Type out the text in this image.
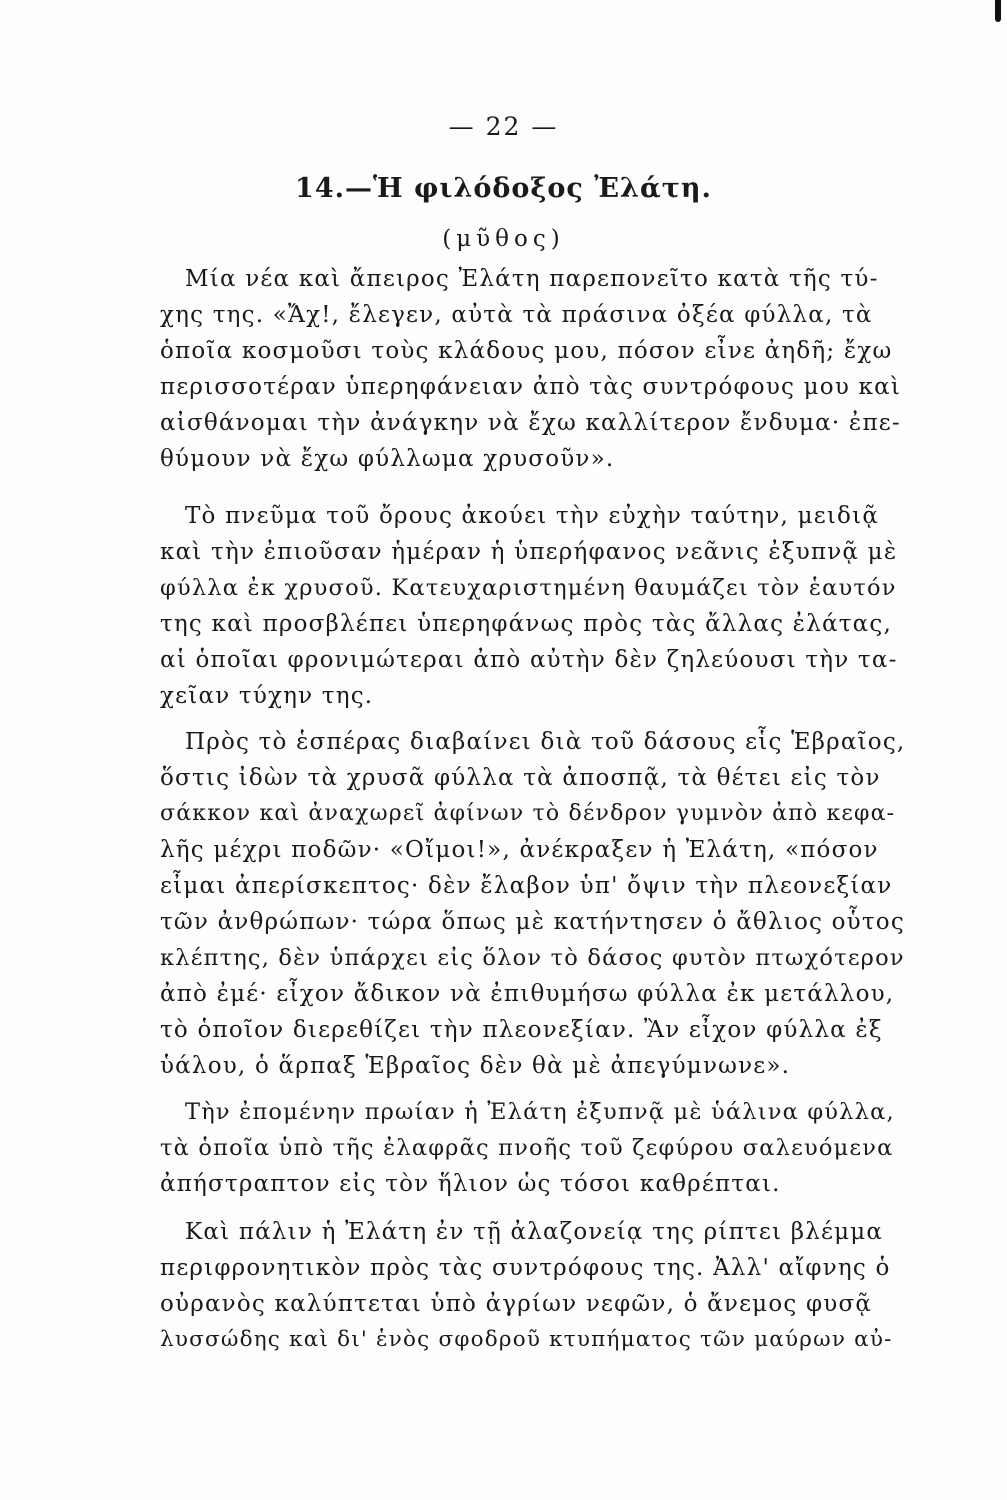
— 22 —
14.—Ἡ φιλόδοξος Ἐλάτη.
(μῦθος)
Μία νέα καὶ ἄπειρος Ἐλάτη παρεπονεῖτο κατὰ τῆς τύ-
χης της. «Ἄχ!, ἔλεγεν, αὐτὰ τὰ πράσινα ὀξέα φύλλα, τὰ
ὁποῖα κοσμοῦσι τοὺς κλάδους μου, πόσον εἶνε ἀηδῆ; ἔχω
περισσοτέραν ὑπερηφάνειαν ἀπὸ τὰς συντρόφους μου καὶ
αἰσθάνομαι τὴν ἀνάγκην νὰ ἔχω καλλίτερον ἔνδυμα· ἐπε-
θύμουν νὰ ἔχω φύλλωμα χρυσοῦν».
Τὸ πνεῦμα τοῦ ὄρους ἀκούει τὴν εὐχὴν ταύτην, μειδιᾷ
καὶ τὴν ἐπιοῦσαν ἡμέραν ἡ ὑπερήφανος νεᾶνις ἐξυπνᾷ μὲ
φύλλα ἐκ χρυσοῦ. Κατευχαριστημένη θαυμάζει τὸν ἑαυτόν
της καὶ προσβλέπει ὑπερηφάνως πρὸς τὰς ἄλλας ἐλάτας,
αἱ ὁποῖαι φρονιμώτεραι ἀπὸ αὐτὴν δὲν ζηλεύουσι τὴν τα-
χεῖαν τύχην της.
Πρὸς τὸ ἑσπέρας διαβαίνει διὰ τοῦ δάσους εἷς Ἑβραῖος,
ὅστις ἰδὼν τὰ χρυσᾶ φύλλα τὰ ἀποσπᾷ, τὰ θέτει εἰς τὸν
σάκκον καὶ ἀναχωρεῖ ἀφίνων τὸ δένδρον γυμνὸν ἀπὸ κεφα-
λῆς μέχρι ποδῶν· «Οἴμοι!», ἀνέκραξεν ἡ Ἐλάτη, «πόσον
εἶμαι ἀπερίσκεπτος· δὲν ἔλαβον ὑπ' ὄψιν τὴν πλεονεξίαν
τῶν ἀνθρώπων· τώρα ὅπως μὲ κατήντησεν ὁ ἄθλιος οὗτος
κλέπτης, δὲν ὑπάρχει εἰς ὅλον τὸ δάσος φυτὸν πτωχότερον
ἀπὸ ἐμέ· εἶχον ἄδικον νὰ ἐπιθυμήσω φύλλα ἐκ μετάλλου,
τὸ ὁποῖον διερεθίζει τὴν πλεονεξίαν. Ἂν εἶχον φύλλα ἐξ
ὑάλου, ὁ ἅρπαξ Ἑβραῖος δὲν θὰ μὲ ἀπεγύμνωνε».
Τὴν ἐπομένην πρωίαν ἡ Ἐλάτη ἐξυπνᾷ μὲ ὑάλινα φύλλα,
τὰ ὁποῖα ὑπὸ τῆς ἐλαφρᾶς πνοῆς τοῦ ζεφύρου σαλευόμενα
ἀπήστραπτον εἰς τὸν ἥλιον ὡς τόσοι καθρέπται.
Καὶ πάλιν ἡ Ἐλάτη ἐν τῇ ἀλαζονείᾳ της ρίπτει βλέμμα
περιφρονητικὸν πρὸς τὰς συντρόφους της. Ἀλλ' αἴφνης ὁ
οὐρανὸς καλύπτεται ὑπὸ ἀγρίων νεφῶν, ὁ ἄνεμος φυσᾷ
λυσσώδης καὶ δι' ἑνὸς σφοδροῦ κτυπήματος τῶν μαύρων αὐ-
